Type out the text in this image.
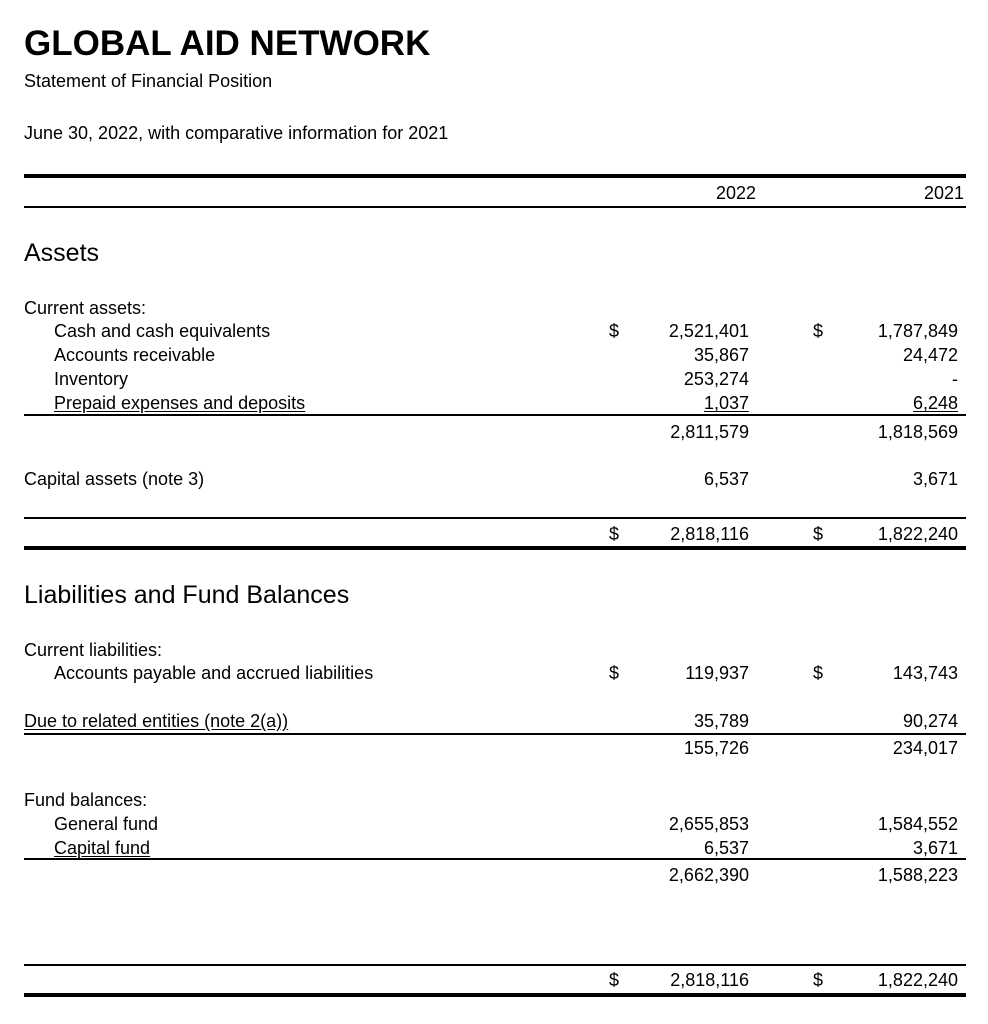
GLOBAL AID NETWORK
Statement of Financial Position
June 30, 2022, with comparative information for 2021
2022	2021
Assets
Current assets:
Cash and cash equivalents	$	2,521,401	$	1,787,849
Accounts receivable	35,867	24,472
Inventory	253,274	-
Prepaid expenses and deposits	1,037	6,248
2,811,579	1,818,569
Capital assets (note 3)	6,537	3,671
$	2,818,116	$	1,822,240
Liabilities and Fund Balances
Current liabilities:
Accounts payable and accrued liabilities	$	119,937	$	143,743
Due to related entities (note 2(a))	35,789	90,274
155,726	234,017
Fund balances:
General fund	2,655,853	1,584,552
Capital fund	6,537	3,671
2,662,390	1,588,223
$	2,818,116	$	1,822,240
